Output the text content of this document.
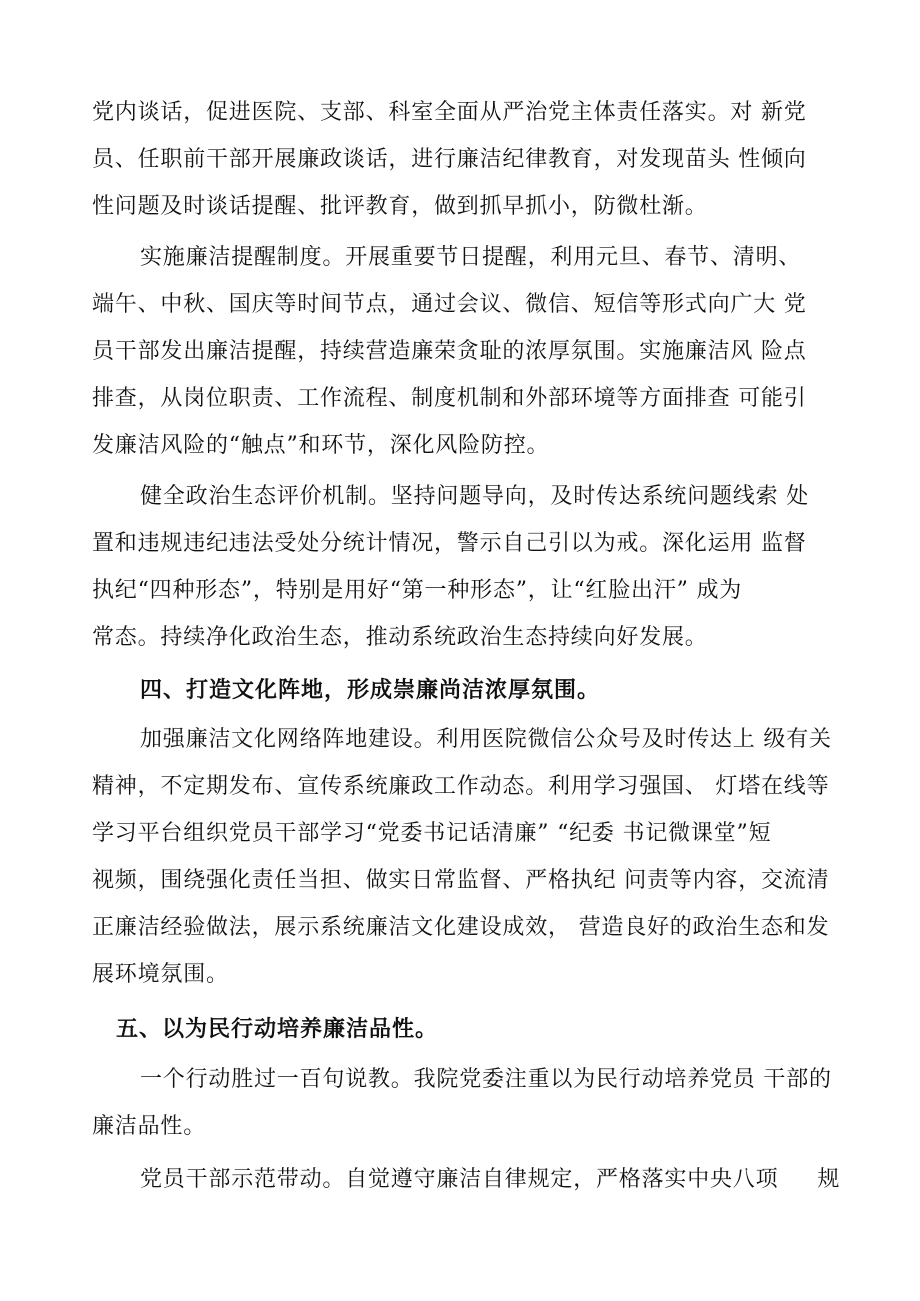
党内谈话，促进医院、支部、科室全面从严治党主体责任落实。对 新党
员、任职前干部开展廉政谈话，进行廉洁纪律教育，对发现苗头 性倾向
性问题及时谈话提醒、批评教育，做到抓早抓小，防微杜渐。
实施廉洁提醒制度。开展重要节日提醒，利用元旦、春节、清明、
端午、中秋、国庆等时间节点，通过会议、微信、短信等形式向广大 党
员干部发出廉洁提醒，持续营造廉荣贪耻的浓厚氛围。实施廉洁风 险点
排查，从岗位职责、工作流程、制度机制和外部环境等方面排查 可能引
发廉洁风险的“触点”和环节，深化风险防控。
健全政治生态评价机制。坚持问题导向，及时传达系统问题线索 处
置和违规违纪违法受处分统计情况，警示自己引以为戒。深化运用 监督
执纪“四种形态”，特别是用好“第一种形态”，让“红脸出汗” 成为
常态。持续净化政治生态，推动系统政治生态持续向好发展。
四、打造文化阵地，形成崇廉尚洁浓厚氛围。
加强廉洁文化网络阵地建设。利用医院微信公众号及时传达上 级有关
精神，不定期发布、宣传系统廉政工作动态。利用学习强国、 灯塔在线等
学习平台组织党员干部学习“党委书记话清廉” “纪委 书记微课堂”短
视频，围绕强化责任当担、做实日常监督、严格执纪 问责等内容，交流清
正廉洁经验做法，展示系统廉洁文化建设成效， 营造良好的政治生态和发
展环境氛围。
五、以为民行动培养廉洁品性。
一个行动胜过一百句说教。我院党委注重以为民行动培养党员 干部的
廉洁品性。
党员干部示范带动。自觉遵守廉洁自律规定，严格落实中央八项     规
